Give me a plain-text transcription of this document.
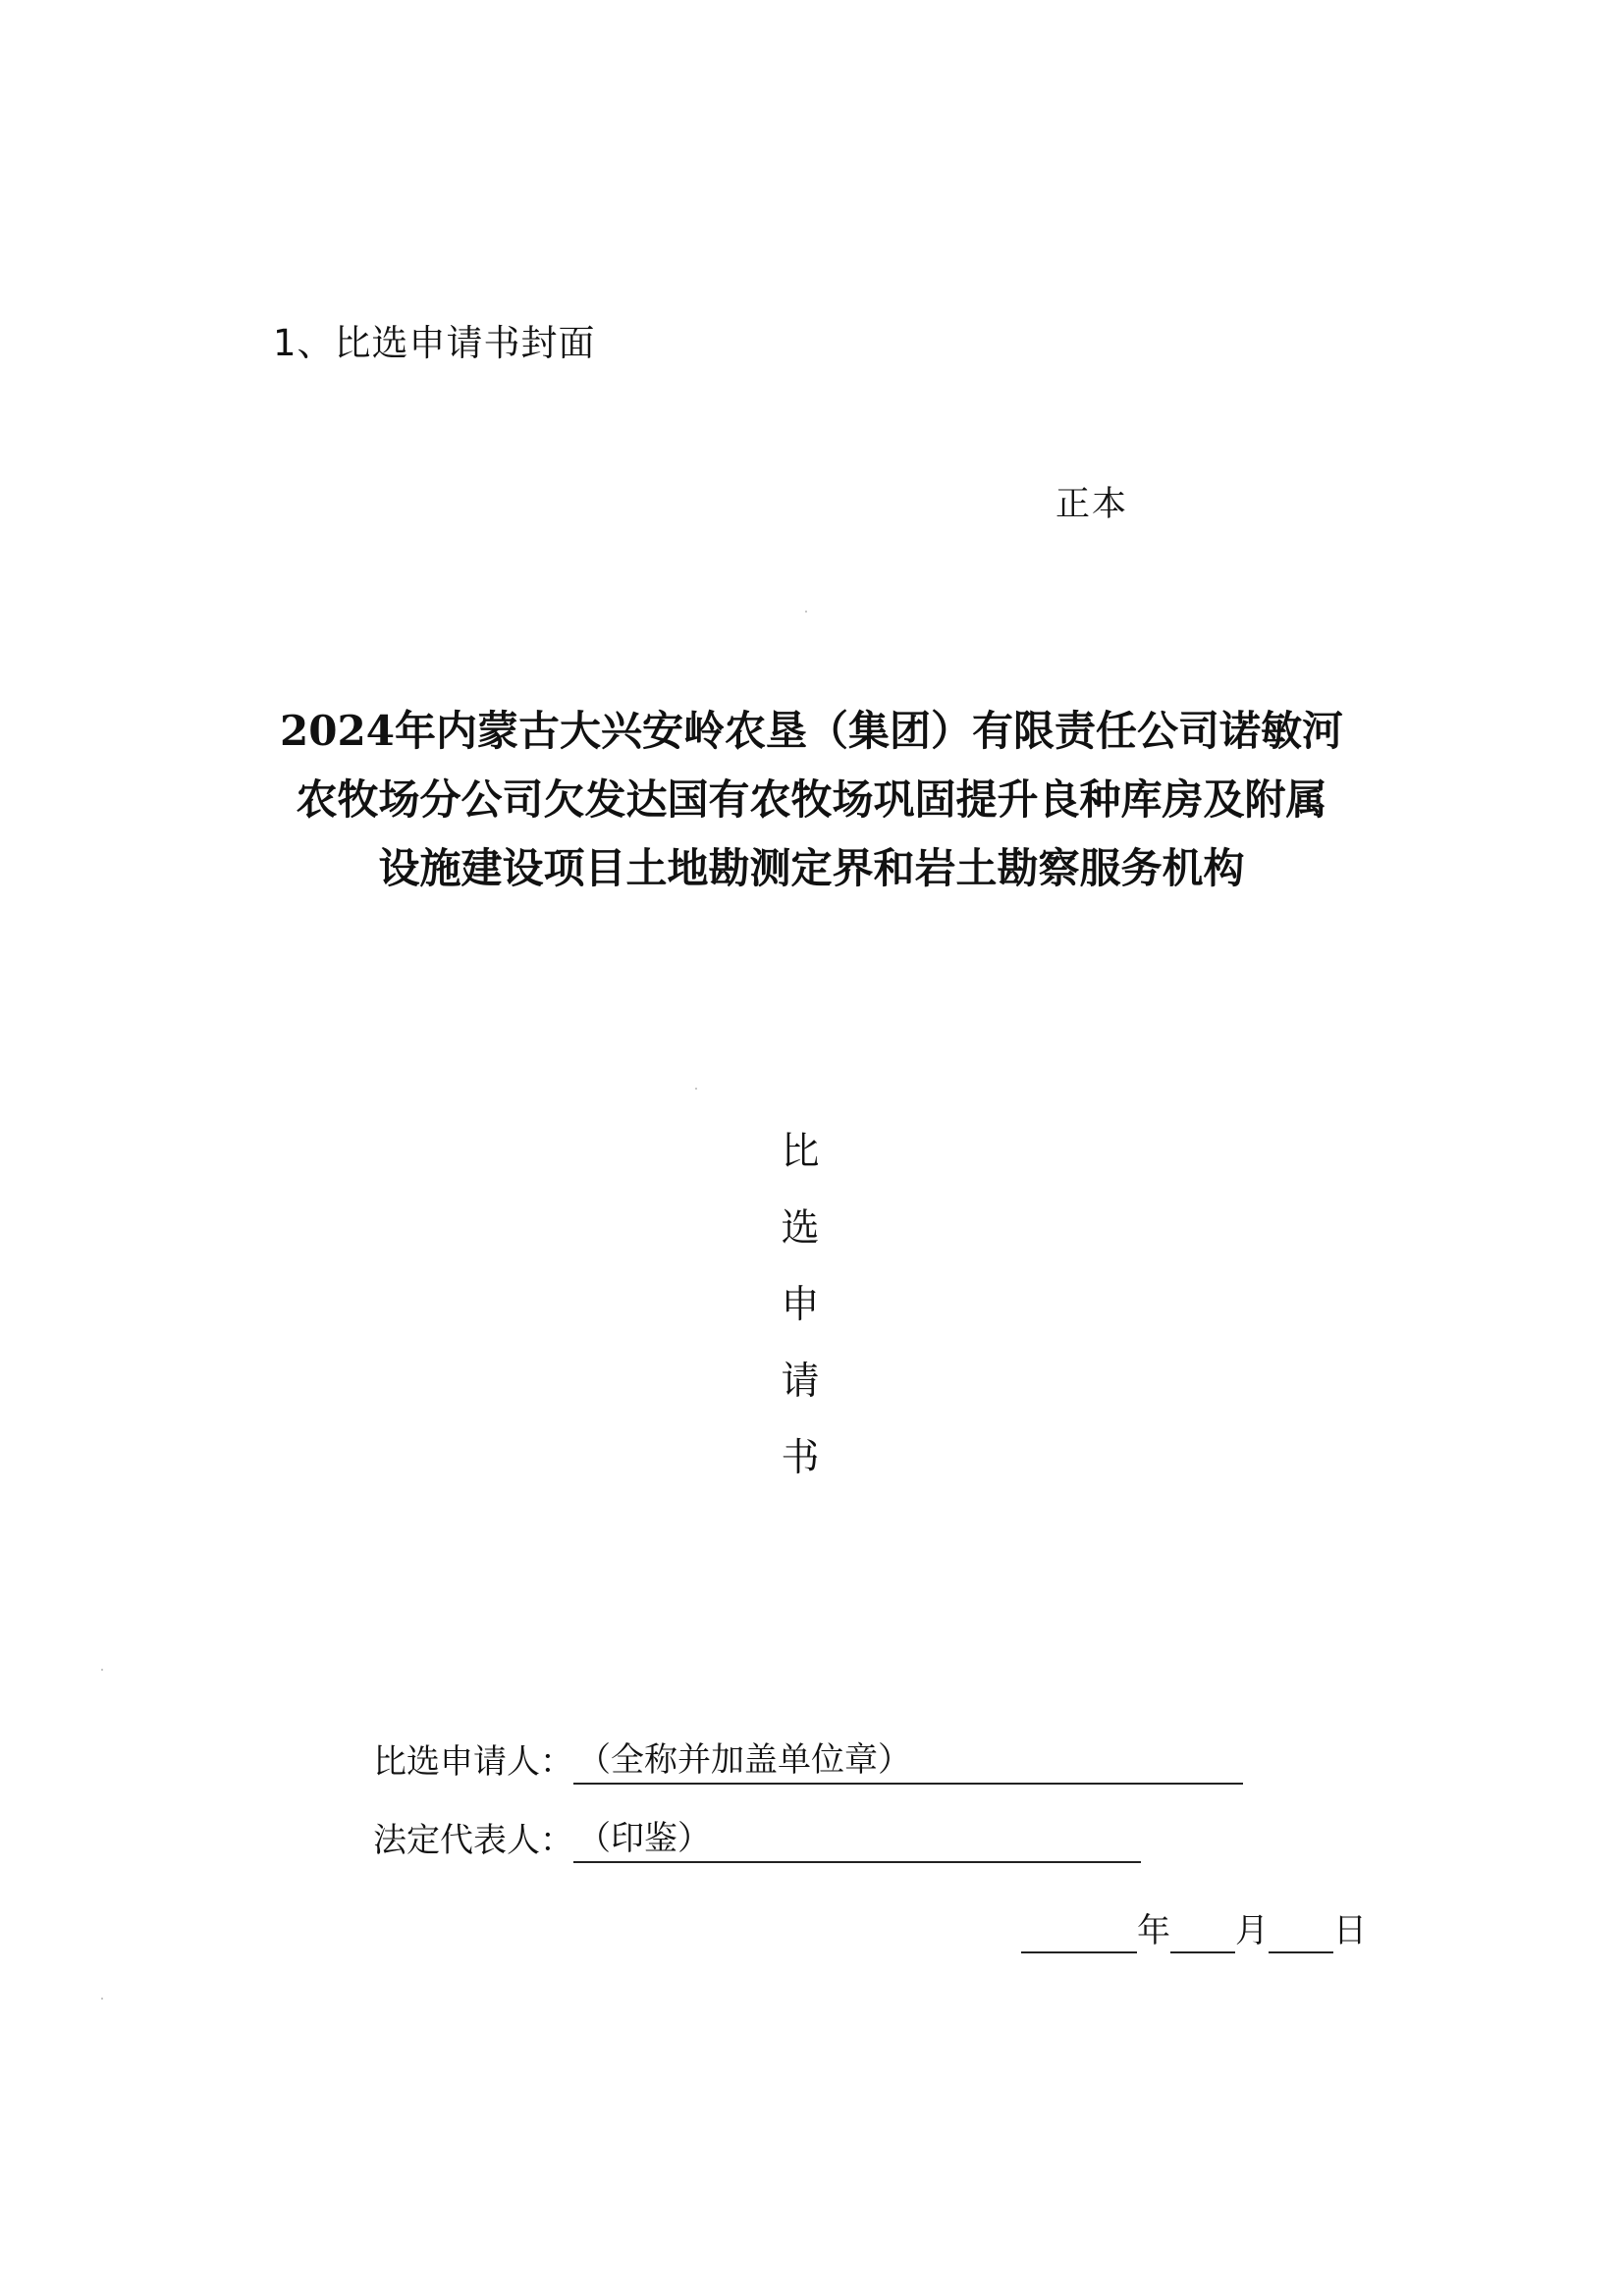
1、比选申请书封面
正本
2024年内蒙古大兴安岭农垦（集团）有限责任公司诺敏河
农牧场分公司欠发达国有农牧场巩固提升良种库房及附属
设施建设项目土地勘测定界和岩土勘察服务机构
比
选
申
请
书
比选申请人： （全称并加盖单位章）
法定代表人： （印鉴）
年 月 日
